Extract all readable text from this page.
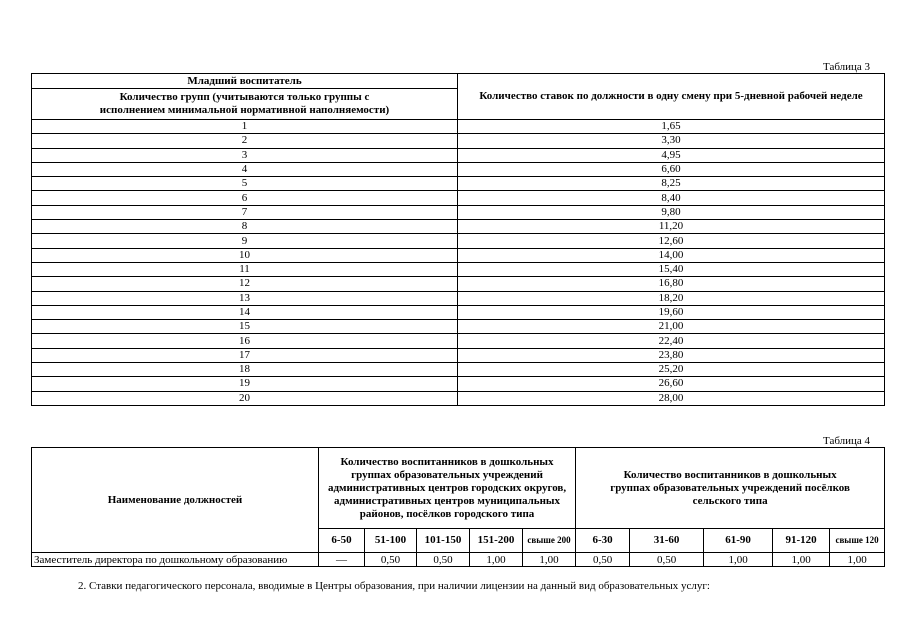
Таблица 3
Младший воспитатель	Количество ставок по должности в одну смену при 5-дневной рабочей неделе
Количество групп (учитываются только группы с исполнением минимальной нормативной наполняемости)	
1	1,65
2	3,30
3	4,95
4	6,60
5	8,25
6	8,40
7	9,80
8	11,20
9	12,60
10	14,00
11	15,40
12	16,80
13	18,20
14	19,60
15	21,00
16	22,40
17	23,80
18	25,20
19	26,60
20	28,00
Таблица 4
Наименование должностей	Количество воспитанников в дошкольных группах образовательных учреждений административных центров городских округов, административных центров муниципальных районов, посёлков городского типа					Количество воспитанников в дошкольных группах образовательных учреждений посёлков сельского типа				
	6-50	51-100	101-150	151-200	свыше 200	6-30	31-60	61-90	91-120	свыше 120
Заместитель директора по дошкольному образованию	—	0,50	0,50	1,00	1,00	0,50	0,50	1,00	1,00	1,00
2. Ставки педагогического персонала, вводимые в Центры образования, при наличии лицензии на данный вид образовательных услуг:
